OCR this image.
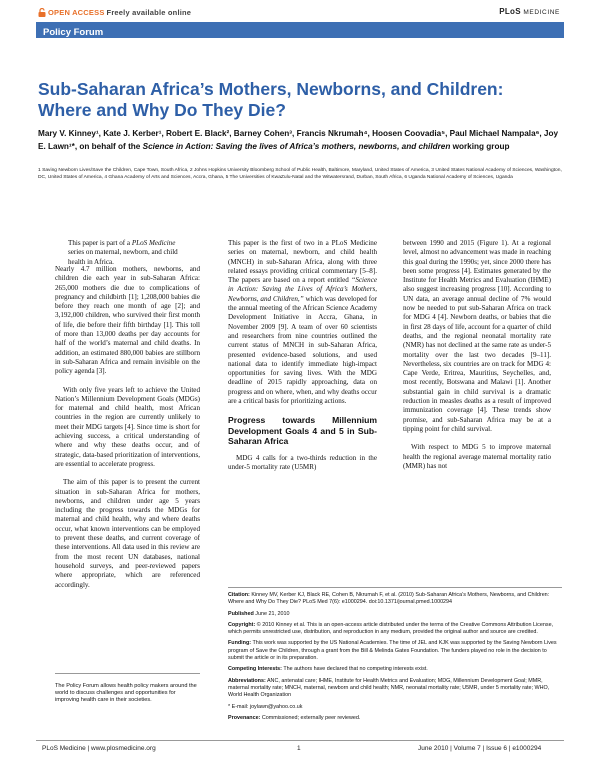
OPEN ACCESS Freely available online	PLoS MEDICINE
Policy Forum
Sub-Saharan Africa’s Mothers, Newborns, and Children: Where and Why Do They Die?
Mary V. Kinney¹, Kate J. Kerber¹, Robert E. Black², Barney Cohen³, Francis Nkrumah⁴, Hoosen Coovadia⁵, Paul Michael Nampala⁶, Joy E. Lawn¹*, on behalf of the Science in Action: Saving the lives of Africa’s mothers, newborns, and children working group
1 Saving Newborn Lives/Save the Children, Cape Town, South Africa, 2 Johns Hopkins University Bloomberg School of Public Health, Baltimore, Maryland, United States of America, 3 United States National Academy of Sciences, Washington, DC, United States of America, 4 Ghana Academy of Arts and Sciences, Accra, Ghana, 5 The Universities of KwaZulu-Natal and the Witwatersrand, Durban, South Africa, 6 Uganda National Academy of Sciences, Uganda
This paper is part of a PLoS Medicine series on maternal, newborn, and child health in Africa.

Nearly 4.7 million mothers, newborns, and children die each year in sub-Saharan Africa: 265,000 mothers die due to complications of pregnancy and childbirth [1]; 1,208,000 babies die before they reach one month of age [2]; and 3,192,000 children, who survived their first month of life, die before their fifth birthday [1]. This toll of more than 13,000 deaths per day accounts for half of the world’s maternal and child deaths. In addition, an estimated 880,000 babies are stillborn in sub-Saharan Africa and remain invisible on the policy agenda [3].

With only five years left to achieve the United Nation’s Millennium Development Goals (MDGs) for maternal and child health, most African countries in the region are currently unlikely to meet their MDG targets [4]. Since time is short for achieving success, a critical understanding of where and why these deaths occur, and of strategic, data-based prioritization of interventions, are essential to accelerate progress.

The aim of this paper is to present the current situation in sub-Saharan Africa for mothers, newborns, and children under age 5 years including the progress towards the MDGs for maternal and child health, why and where deaths occur, what known interventions can be employed to prevent these deaths, and current coverage of these interventions. All data used in this review are from the most recent UN databases, national household surveys, and peer-reviewed papers where appropriate, which are referenced accordingly.

The Policy Forum allows health policy makers around the world to discuss challenges and opportunities for improving health care in their societies.

This paper is the first of two in a PLoS Medicine series on maternal, newborn, and child health (MNCH) in sub-Saharan Africa, along with three related essays providing critical commentary [5–8]. The papers are based on a report entitled “Science in Action: Saving the Lives of Africa’s Mothers, Newborns, and Children,” which was developed for the annual meeting of the African Science Academy Development Initiative in Accra, Ghana, in November 2009 [9]. A team of over 60 scientists and researchers from nine countries outlined the current status of MNCH in sub-Saharan Africa, presented evidence-based solutions, and used national data to identify immediate high-impact opportunities for saving lives. With the MDG deadline of 2015 rapidly approaching, data on progress and on where, when, and why deaths occur are a critical basis for prioritizing actions.

Progress towards Millennium Development Goals 4 and 5 in Sub-Saharan Africa

MDG 4 calls for a two-thirds reduction in the under-5 mortality rate (U5MR)

between 1990 and 2015 (Figure 1). At a regional level, almost no advancement was made in reaching this goal during the 1990s; yet, since 2000 there has been some progress [4]. Estimates generated by the Institute for Health Metrics and Evaluation (IHME) also suggest increasing progress [10]. According to UN data, an average annual decline of 7% would now be needed to put sub-Saharan Africa on track for MDG 4 [4]. Newborn deaths, or babies that die in first 28 days of life, account for a quarter of child deaths, and the regional neonatal mortality rate (NMR) has not declined at the same rate as under-5 mortality over the last two decades [9–11]. Nevertheless, six countries are on track for MDG 4: Cape Verde, Eritrea, Mauritius, Seychelles, and, most recently, Botswana and Malawi [1]. Another substantial gain in child survival is a dramatic reduction in measles deaths as a result of improved immunization coverage [4]. These trends show promise, and sub-Saharan Africa may be at a tipping point for child survival.

With respect to MDG 5 to improve maternal health the regional average maternal mortality ratio (MMR) has not

Citation: Kinney MV, Kerber KJ, Black RE, Cohen B, Nkrumah F, et al. (2010) Sub-Saharan Africa’s Mothers, Newborns, and Children: Where and Why Do They Die? PLoS Med 7(6): e1000294. doi:10.1371/journal.pmed.1000294

Published June 21, 2010

Copyright: © 2010 Kinney et al. This is an open-access article distributed under the terms of the Creative Commons Attribution License, which permits unrestricted use, distribution, and reproduction in any medium, provided the original author and source are credited.

Funding: This work was supported by the US National Academies. The time of JEL and KJK was supported by the Saving Newborn Lives program of Save the Children, through a grant from the Bill & Melinda Gates Foundation. The funders played no role in the decision to submit the article or in its preparation.

Competing Interests: The authors have declared that no competing interests exist.

Abbreviations: ANC, antenatal care; IHME, Institute for Health Metrics and Evaluation; MDG, Millennium Development Goal; MMR, maternal mortality rate; MNCH, maternal, newborn and child health; NMR, neonatal mortality rate; U5MR, under 5 mortality rate; WHO, World Health Organization

* E-mail: joylawn@yahoo.co.uk

Provenance: Commissioned; externally peer reviewed.

PLoS Medicine | www.plosmedicine.org	1	June 2010 | Volume 7 | Issue 6 | e1000294
